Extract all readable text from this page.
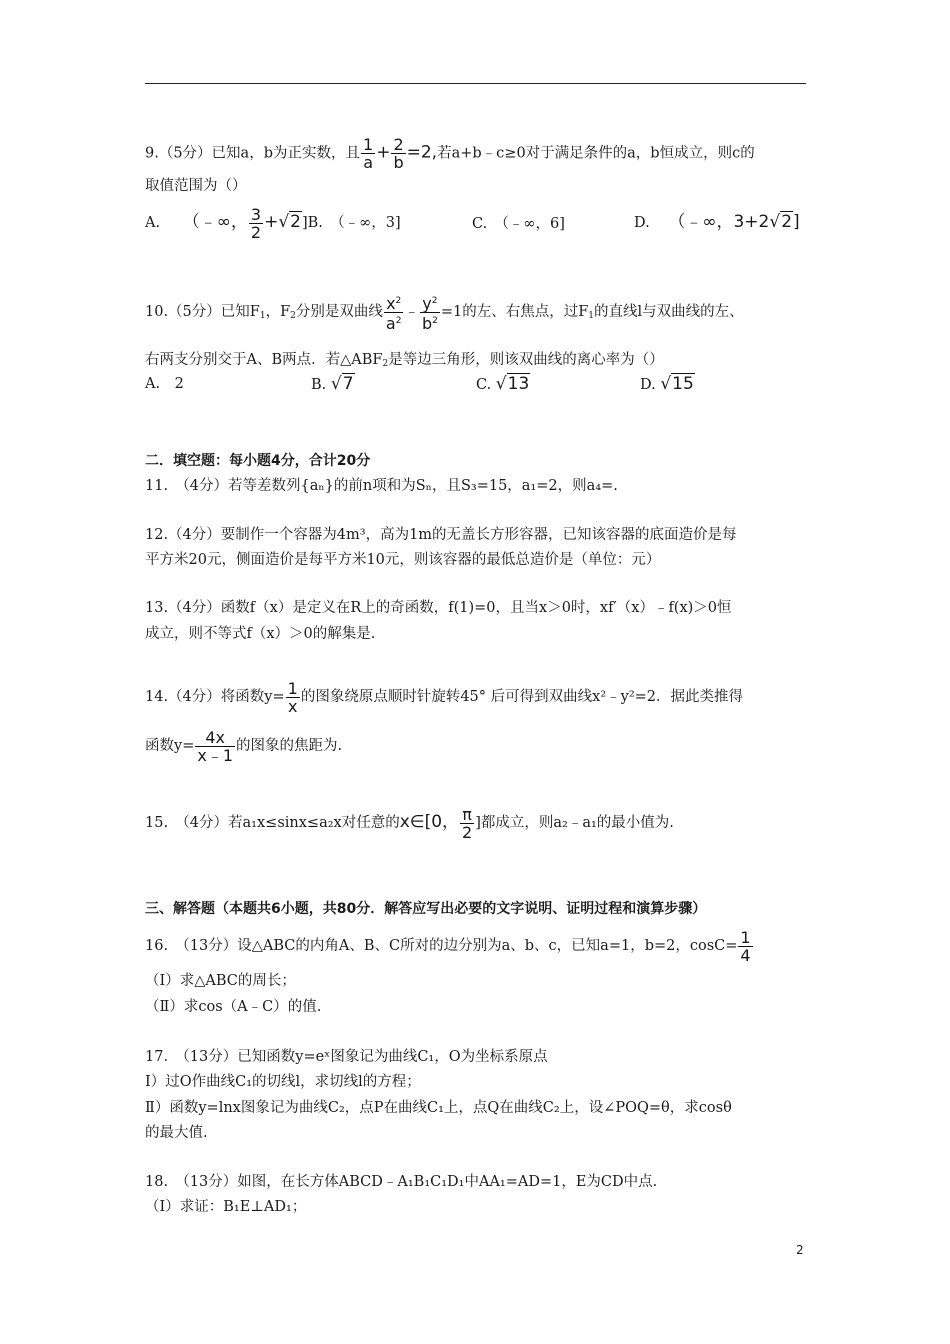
9.（5分）已知a，b为正实数，且 $\frac{1}{a} + \frac{2}{b} =2$,若a+b﹣c≥0对于满足条件的a，b恒成立，则c的
取值范围为（）
A. （﹣∞， $\frac{3}{2} +√2]B$.　（﹣∞，3]	C.　（﹣∞，6]	D. （﹣∞，3+2√2]
10.（5分）已知$F_1$，$F_2$分别是双曲线 $\frac{x^2}{a^2}$ ﹣ $\frac{y^2}{b^2} =1$的左、右焦点，过$F_1$的直线l与双曲线的左、
右两支分别交于A、B两点．若$\triangle ABF_2$是等边三角形，则该双曲线的离心率为（）
A.　2	B. √7	C. √13	D. √15
二．填空题：每小题4分，合计20分
11.　（4分）若等差数列{aₙ}的前n项和为Sₙ，且S₃=15，a₁=2，则a₄=.
12.（4分）要制作一个容器为4m³，高为1m的无盖长方形容器，已知该容器的底面造价是每
平方米20元，侧面造价是每平方米10元，则该容器的最低总造价是（单位：元）
13.（4分）函数f（x）是定义在R上的奇函数，f(1)=0，且当x＞0时，xf′（x）﹣f(x)＞0恒
成立，则不等式f（x）＞0的解集是.
14.（4分）将函数$y= \frac{1}{x}$ 的图象绕原点顺时针旋转45° 后可得到双曲线x²﹣y²=2．据此类推得
函数$y= \frac{4x}{x﹣1}$ 的图象的焦距为.
15.　（4分）若a₁x≤sinx≤a₂x对任意的x∈[0， $\frac{\pi}{2}$ ]都成立，则a₂﹣a₁的最小值为.
三、解答题（本题共6小题，共80分．解答应写出必要的文字说明、证明过程和演算步骤）
16.　（13分）设△ABC的内角A、B、C所对的边分别为a、b、c，已知a=1，b=2，$\cos C= \frac{1}{4}$
（Ⅰ）求△ABC的周长；
（Ⅱ）求cos（A﹣C）的值.
17.　（13分）已知函数y=eˣ图象记为曲线C₁，O为坐标系原点
Ⅰ）过O作曲线C₁的切线l，求切线l的方程；
Ⅱ）函数y=lnx图象记为曲线C₂，点P在曲线C₁上，点Q在曲线C₂上，设∠POQ=θ，求cosθ
的最大值.
18.　（13分）如图，在长方体ABCD﹣A₁B₁C₁D₁中AA₁=AD=1，E为CD中点.
（Ⅰ）求证：B₁E⊥AD₁；
2
